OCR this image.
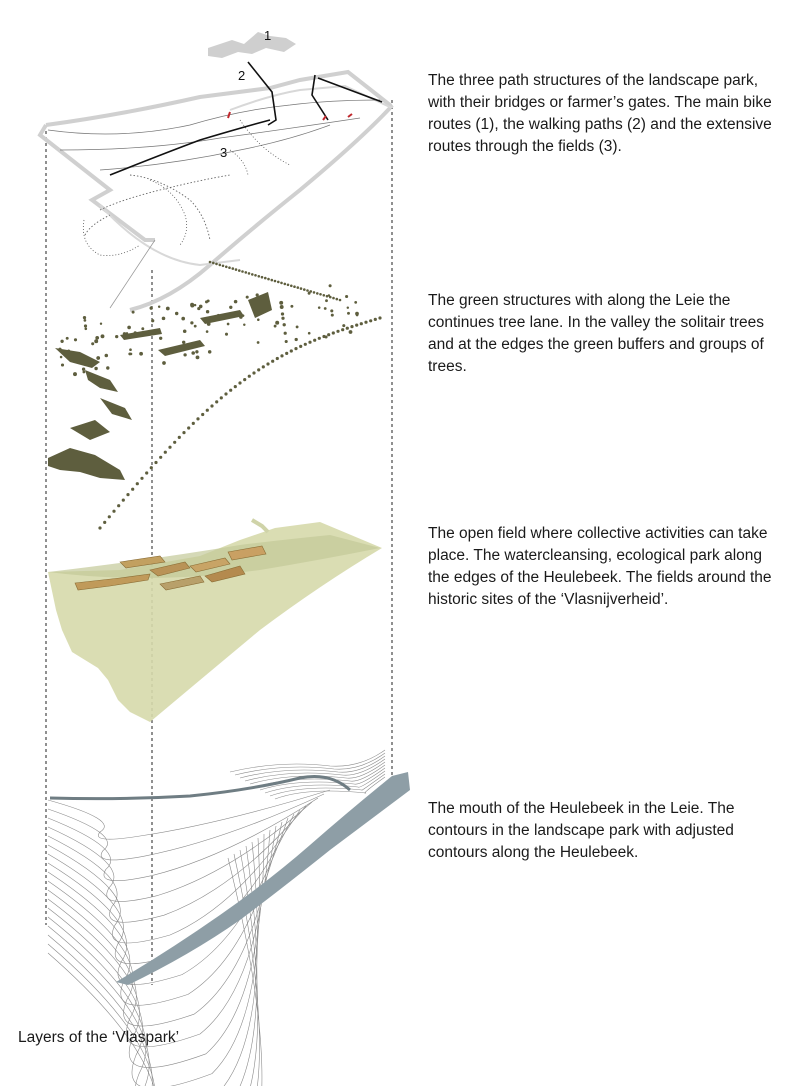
1
2
3
The three path structures of the landscape park, with their bridges or farmer’s gates. The main bike routes (1), the walking paths (2) and the extensive routes through the fields (3).
The green structures with along the Leie the continues tree lane. In the valley the solitair trees and at the edges the green buffers and groups of trees.
The open field where collective activities can take place. The watercleansing, ecological park along the edges of the Heulebeek. The fields around the historic sites of the ‘Vlasnijverheid’.
The mouth of the Heulebeek in the Leie. The contours in the landscape park with adjusted contours along the Heulebeek.
Layers of the ‘Vlaspark’
